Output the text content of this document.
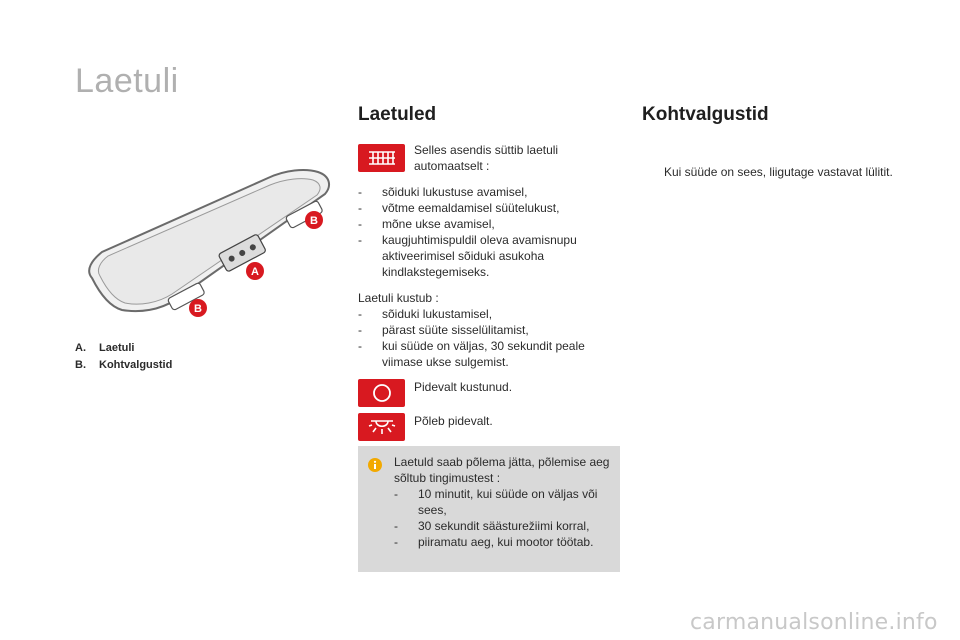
Laetuli
A
B
B
A. Laetuli
B. Kohtvalgustid
Laetuled
Selles asendis süttib laetuli automaatselt :
- sõiduki lukustuse avamisel,
- võtme eemaldamisel süütelukust,
- mõne ukse avamisel,
- kaugjuhtimispuldil oleva avamisnupu aktiveerimisel sõiduki asukoha kindlakstegemiseks.
Laetuli kustub :
- sõiduki lukustamisel,
- pärast süüte sisselülitamist,
- kui süüde on väljas, 30 sekundit peale viimase ukse sulgemist.
Pidevalt kustunud.
Põleb pidevalt.
Laetuld saab põlema jätta, põlemise aeg sõltub tingimustest :
- 10 minutit, kui süüde on väljas või sees,
- 30 sekundit säästurežiimi korral,
- piiramatu aeg, kui mootor töötab.
Kohtvalgustid
Kui süüde on sees, liigutage vastavat lülitit.
carmanualsonline.info
